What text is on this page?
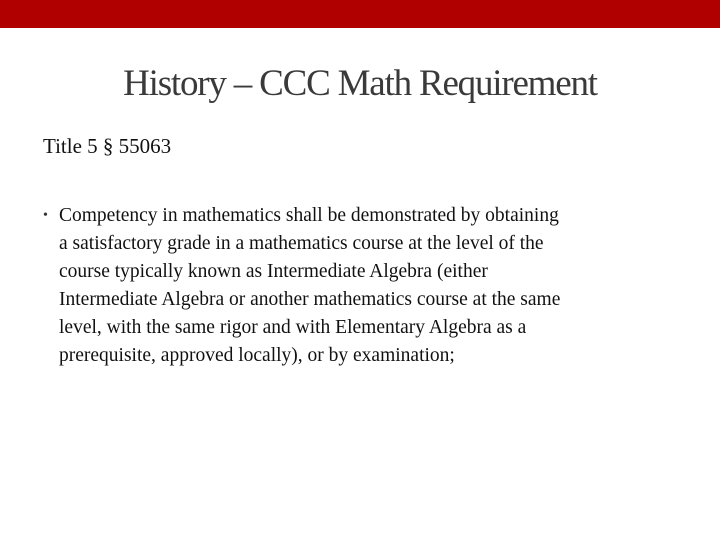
History – CCC Math Requirement
Title 5 § 55063
• Competency in mathematics shall be demonstrated by obtaining
a satisfactory grade in a mathematics course at the level of the
course typically known as Intermediate Algebra (either
Intermediate Algebra or another mathematics course at the same
level, with the same rigor and with Elementary Algebra as a
prerequisite, approved locally), or by examination;
